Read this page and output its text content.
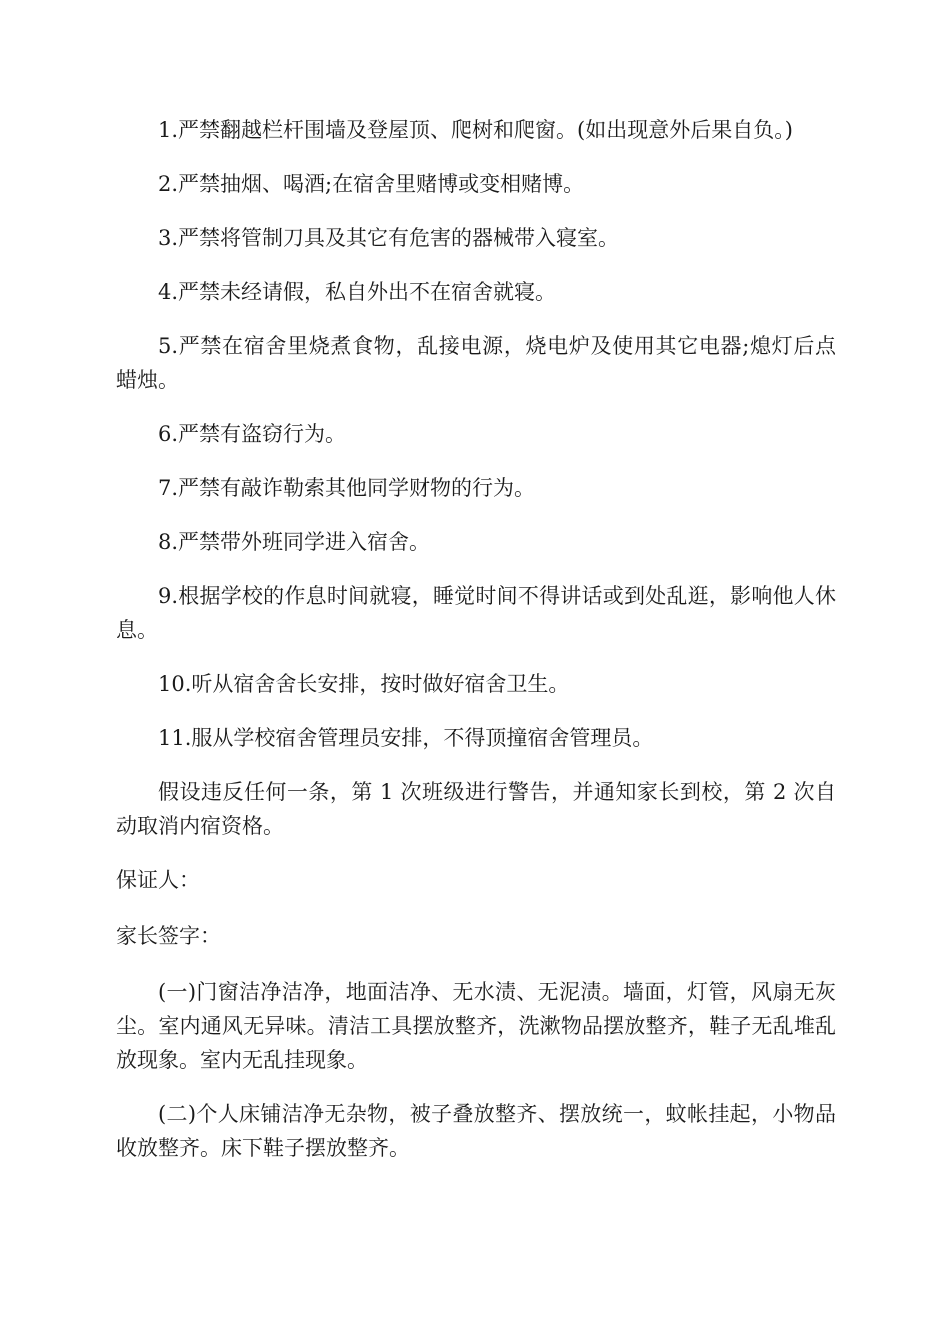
1.严禁翻越栏杆围墙及登屋顶、爬树和爬窗。(如出现意外后果自负。)

2.严禁抽烟、喝酒;在宿舍里赌博或变相赌博。

3.严禁将管制刀具及其它有危害的器械带入寝室。

4.严禁未经请假，私自外出不在宿舍就寝。

5.严禁在宿舍里烧煮食物，乱接电源，烧电炉及使用其它电器;熄灯后点蜡烛。

6.严禁有盗窃行为。

7.严禁有敲诈勒索其他同学财物的行为。

8.严禁带外班同学进入宿舍。

9.根据学校的作息时间就寝，睡觉时间不得讲话或到处乱逛，影响他人休息。

10.听从宿舍舍长安排，按时做好宿舍卫生。

11.服从学校宿舍管理员安排，不得顶撞宿舍管理员。

假设违反任何一条，第 1 次班级进行警告，并通知家长到校，第 2 次自动取消内宿资格。

保证人：

家长签字：

(一)门窗洁净洁净，地面洁净、无水渍、无泥渍。墙面，灯管，风扇无灰尘。室内通风无异味。清洁工具摆放整齐，洗漱物品摆放整齐，鞋子无乱堆乱放现象。室内无乱挂现象。

(二)个人床铺洁净无杂物，被子叠放整齐、摆放统一，蚊帐挂起，小物品收放整齐。床下鞋子摆放整齐。
